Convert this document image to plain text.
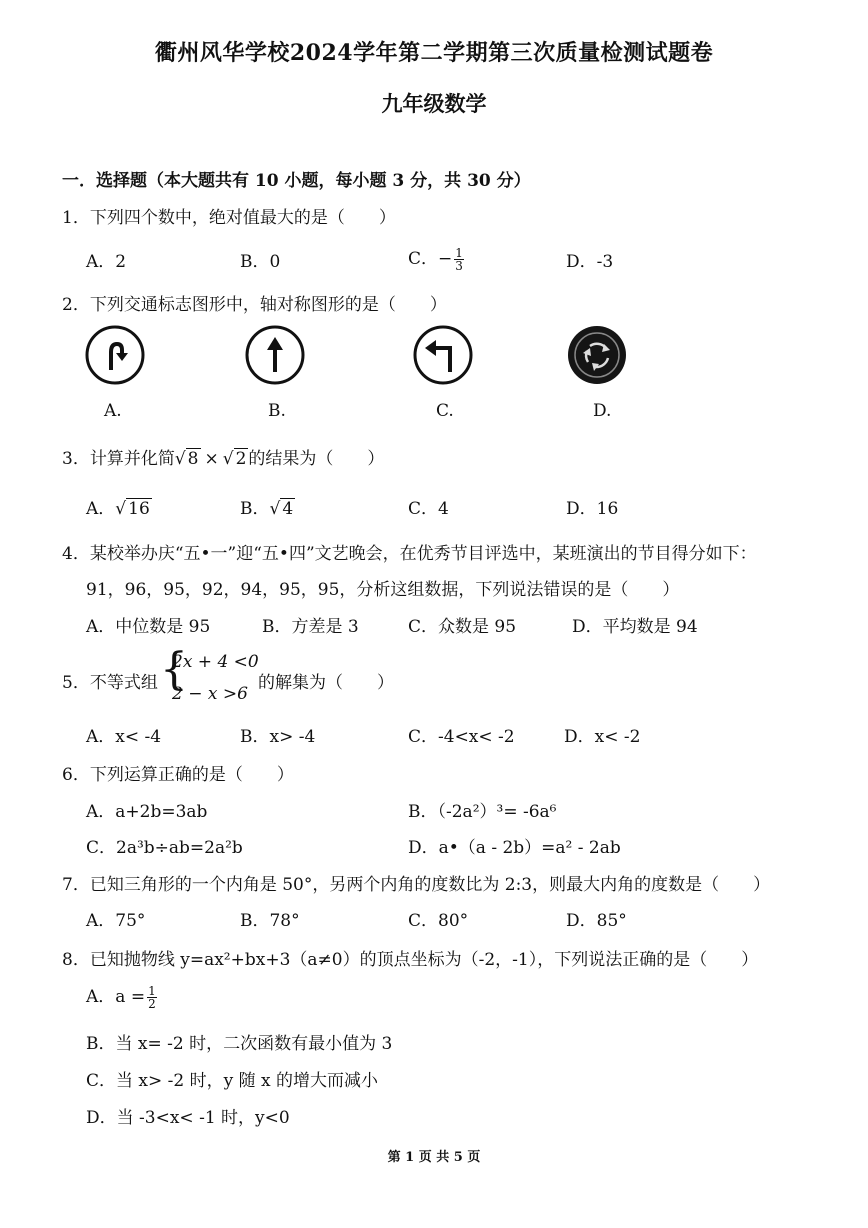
衢州风华学校2024学年第二学期第三次质量检测试题卷
九年级数学
一．选择题（本大题共有 10 小题，每小题 3 分，共 30 分）
1．下列四个数中，绝对值最大的是（　　）
A．2	B．0	C．− $\frac{1}{3}$	D．-3
2．下列交通标志图形中，轴对称图形的是（　　）
A.	B.	C.	D.
3．计算并化简√ 8 × √ 2 的结果为（　　）
A．√ 16	B．√ 4	C．4	D．16
4．某校举办庆“五•一”迎“五•四”文艺晚会，在优秀节目评选中，某班演出的节目得分如下：
91，96，95，92，94，95，95，分析这组数据，下列说法错误的是（　　）
A．中位数是 95	B．方差是 3	C．众数是 95	D．平均数是 94
5．不等式组 {
2x + 4 <0
2 − x >6
的解集为（　　）
A．x< -4	B．x> -4	C．-4<x< -2	D．x< -2
6．下列运算正确的是（　　）
A．a+2b=3ab	B．（-2a²）³= -6a⁶
C．2a³b÷ab=2a²b	D．a•（a - 2b）=a² - 2ab
7．已知三角形的一个内角是 50°，另两个内角的度数比为 2:3，则最大内角的度数是（　　）
A．75°	B．78°	C．80°	D．85°
8．已知抛物线 y=ax²+bx+3（a≠0）的顶点坐标为（-2，-1），下列说法正确的是（　　）
A．$a = \frac{1}{2}$
B．当 x= -2 时，二次函数有最小值为 3
C．当 x> -2 时，y 随 x 的增大而减小
D．当 -3<x< -1 时，y<0
第 1 页 共 5 页
